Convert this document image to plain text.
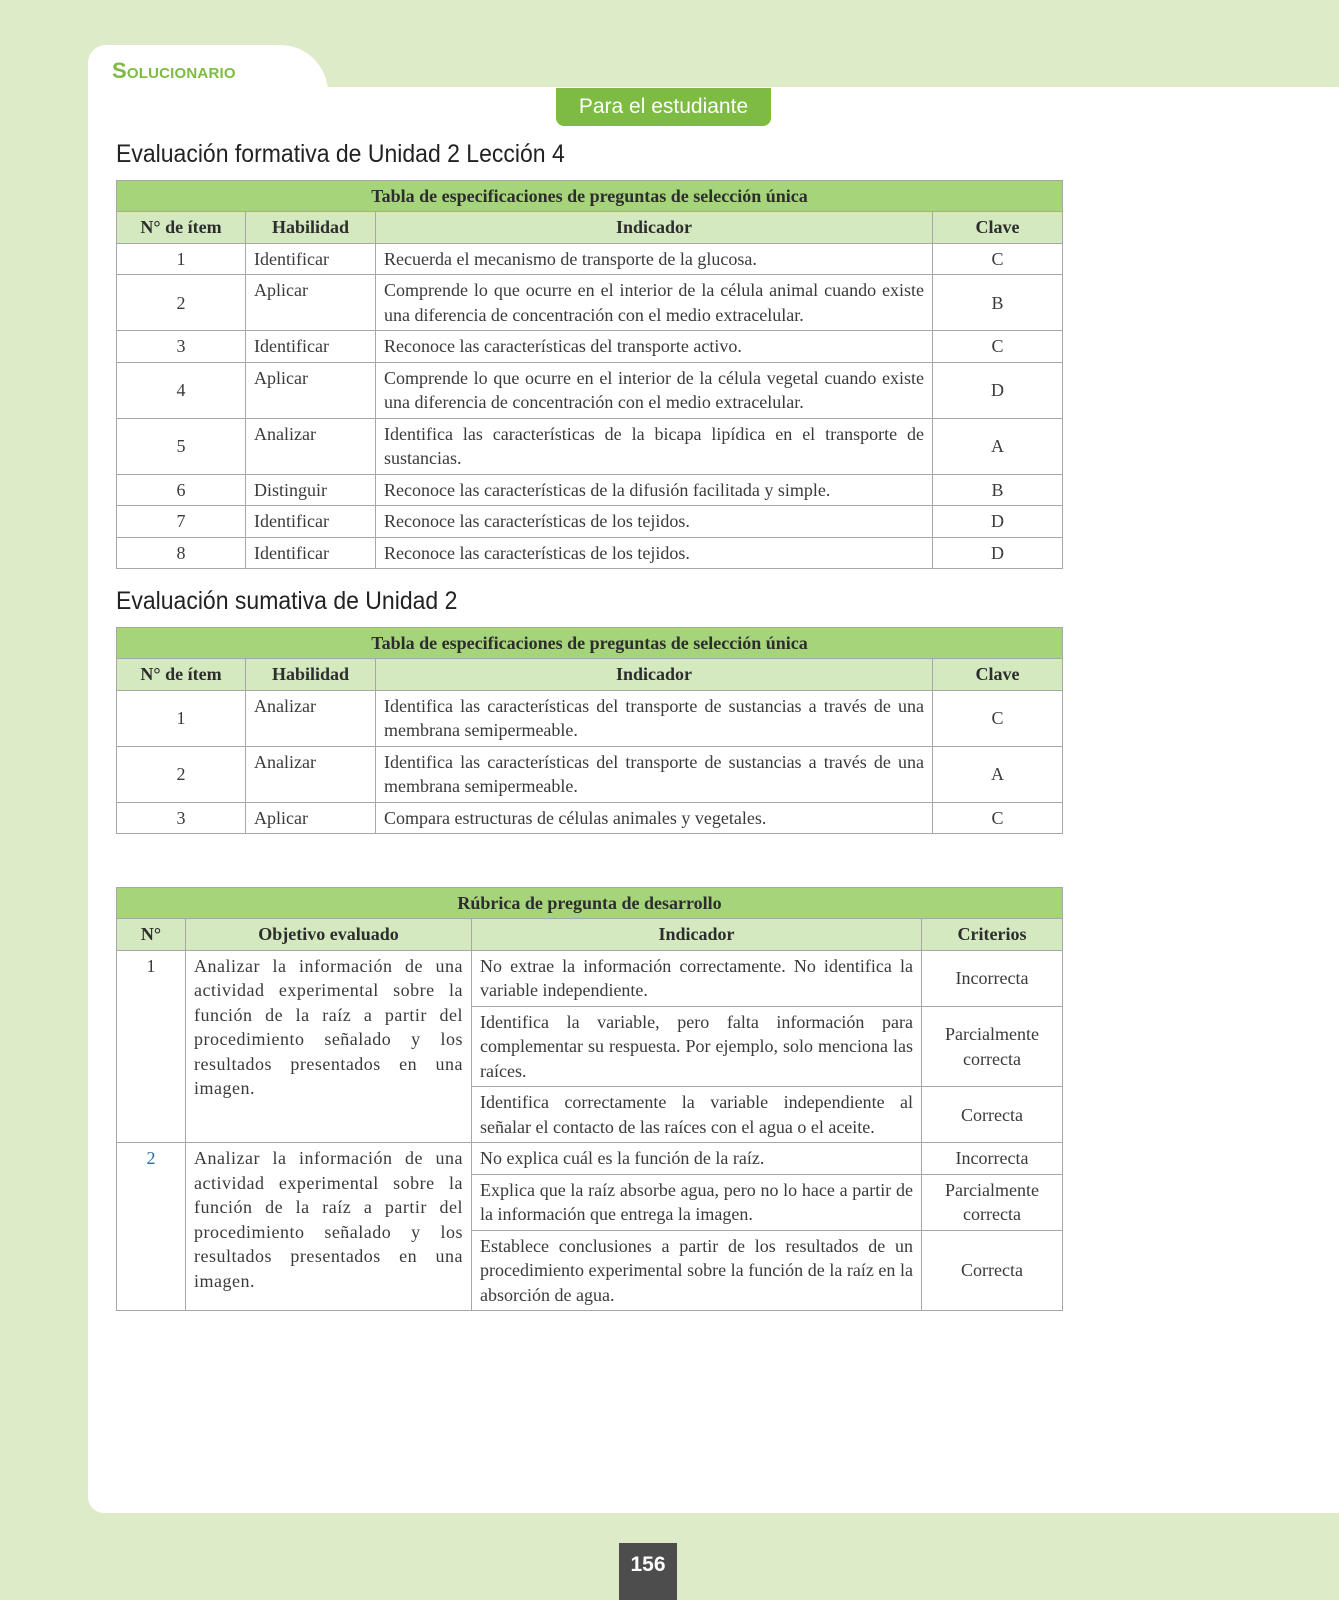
Solucionario
Para el estudiante
Evaluación formativa de Unidad 2 Lección 4
Tabla de especificaciones de preguntas de selección única			
N° de ítem	Habilidad	Indicador	Clave
1	Identificar	Recuerda el mecanismo de transporte de la glucosa.	C
2	Aplicar	Comprende lo que ocurre en el interior de la célula animal cuando existe una diferencia de concentración con el medio extracelular.	B
3	Identificar	Reconoce las características del transporte activo.	C
4	Aplicar	Comprende lo que ocurre en el interior de la célula vegetal cuando existe una diferencia de concentración con el medio extracelular.	D
5	Analizar	Identifica las características de la bicapa lipídica en el transporte de sustancias.	A
6	Distinguir	Reconoce las características de la difusión facilitada y simple.	B
7	Identificar	Reconoce las características de los tejidos.	D
8	Identificar	Reconoce las características de los tejidos.	D
Evaluación sumativa de Unidad 2
Tabla de especificaciones de preguntas de selección única			
N° de ítem	Habilidad	Indicador	Clave
1	Analizar	Identifica las características del transporte de sustancias a través de una membrana semipermeable.	C
2	Analizar	Identifica las características del transporte de sustancias a través de una membrana semipermeable.	A
3	Aplicar	Compara estructuras de células animales y vegetales.	C
Rúbrica de pregunta de desarrollo			
N°	Objetivo evaluado	Indicador	Criterios
1	Analizar la información de una actividad experimental sobre la función de la raíz a partir del procedimiento señalado y los resultados presentados en una imagen.	No extrae la información correctamente. No identifica la variable independiente.	Incorrecta
		Identifica la variable, pero falta información para complementar su respuesta. Por ejemplo, solo menciona las raíces.	Parcialmente correcta
		Identifica correctamente la variable independiente al señalar el contacto de las raíces con el agua o el aceite.	Correcta
2	Analizar la información de una actividad experimental sobre la función de la raíz a partir del procedimiento señalado y los resultados presentados en una imagen.	No explica cuál es la función de la raíz.	Incorrecta
		Explica que la raíz absorbe agua, pero no lo hace a partir de la información que entrega la imagen.	Parcialmente correcta
		Establece conclusiones a partir de los resultados de un procedimiento experimental sobre la función de la raíz en la absorción de agua.	Correcta
156
